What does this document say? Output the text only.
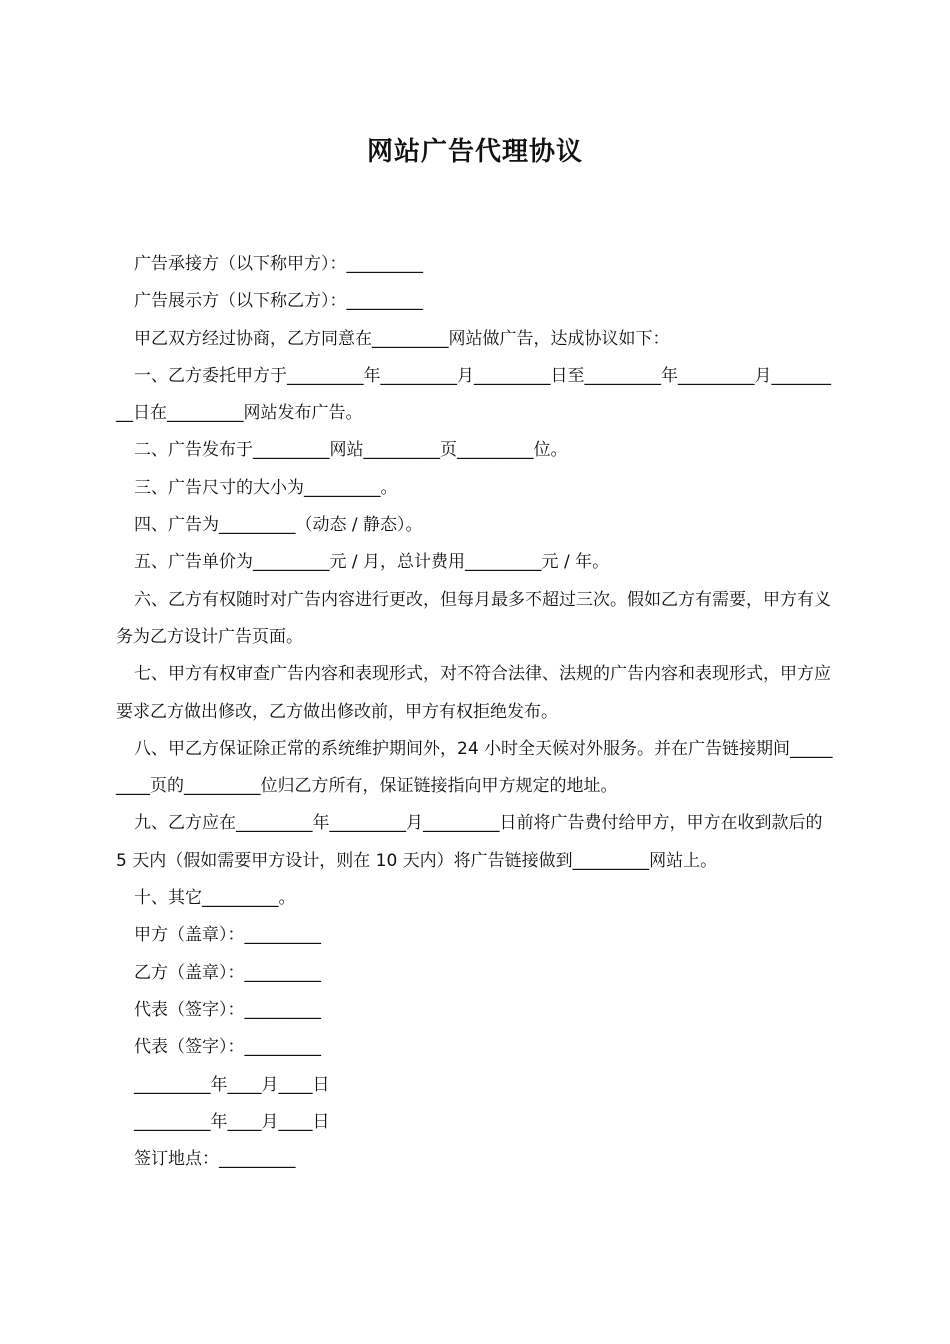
网站广告代理协议

广告承接方（以下称甲方）：_________

广告展示方（以下称乙方）：_________

甲乙双方经过协商，乙方同意在_________网站做广告，达成协议如下：

一、乙方委托甲方于_________年_________月_________日至_________年_________月_________日在_________网站发布广告。

二、广告发布于_________网站_________页_________位。

三、广告尺寸的大小为_________。

四、广告为_________（动态 / 静态）。

五、广告单价为_________元 / 月，总计费用_________元 / 年。

六、乙方有权随时对广告内容进行更改，但每月最多不超过三次。假如乙方有需要，甲方有义务为乙方设计广告页面。

七、甲方有权审查广告内容和表现形式，对不符合法律、法规的广告内容和表现形式，甲方应要求乙方做出修改，乙方做出修改前，甲方有权拒绝发布。

八、甲乙方保证除正常的系统维护期间外，24 小时全天候对外服务。并在广告链接期间_________页的_________位归乙方所有，保证链接指向甲方规定的地址。

九、乙方应在_________年_________月_________日前将广告费付给甲方，甲方在收到款后的 5 天内（假如需要甲方设计，则在 10 天内）将广告链接做到_________网站上。

十、其它_________。

甲方（盖章）：_________

乙方（盖章）：_________

代表（签字）：_________

代表（签字）：_________

_________年____月____日

_________年____月____日

签订地点：_________
